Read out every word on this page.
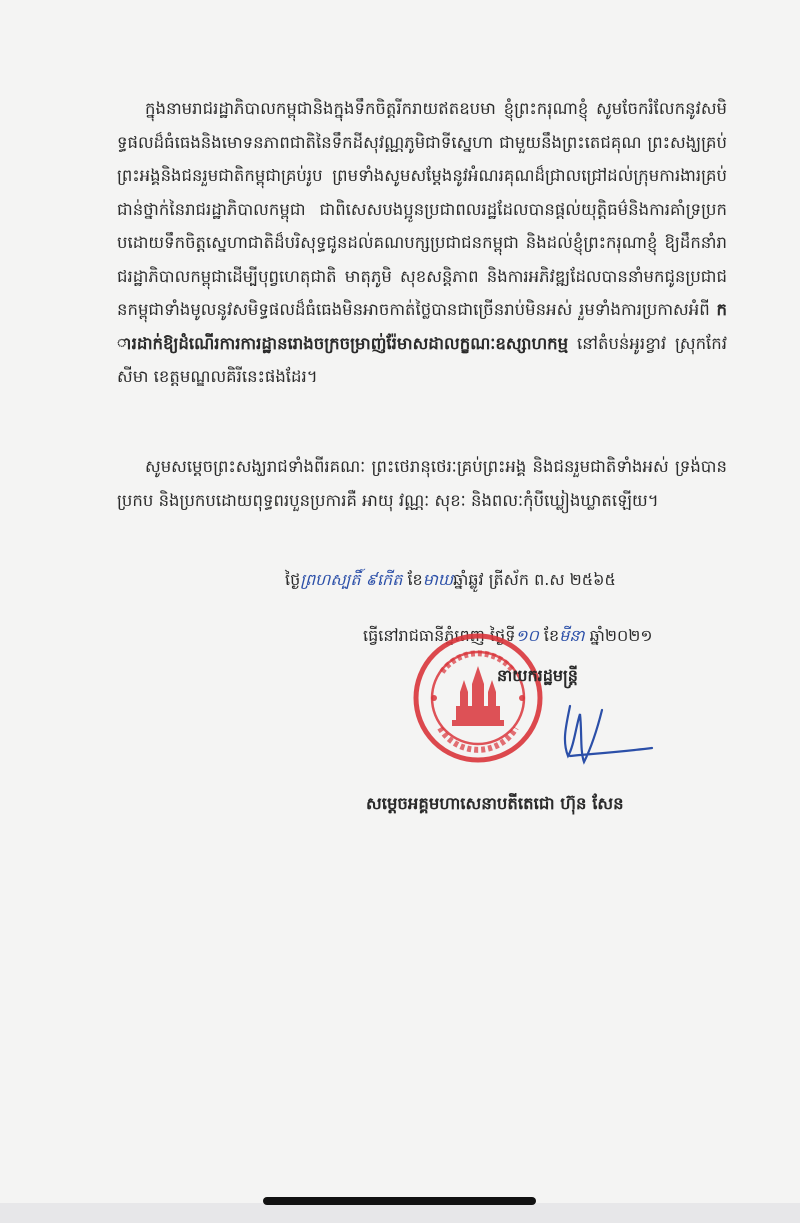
ក្នុងនាមរាជរដ្ឋាភិបាលកម្ពុជានិងក្នុងទឹកចិត្តរីករាយឥតឧបមា ខ្ញុំព្រះករុណាខ្ញុំ សូមចែករំលែកនូវសមិទ្ធផលដ៏ធំធេងនិងមោទនភាពជាតិនៃទឹកដីសុវណ្ណភូមិជាទីស្នេហា ជាមួយនឹងព្រះតេជគុណ ព្រះសង្ឃគ្រប់ព្រះអង្គនិងជនរួមជាតិកម្ពុជាគ្រប់រូប ព្រមទាំងសូមសម្តែងនូវអំណរគុណដ៏ជ្រាលជ្រៅដល់ក្រុមការងារគ្រប់ជាន់ថ្នាក់នៃរាជរដ្ឋាភិបាលកម្ពុជា ជាពិសេសបងប្អូនប្រជាពលរដ្ឋដែលបានផ្តល់យុត្តិធម៌និងការគាំទ្រប្រកបដោយទឹកចិត្តស្នេហាជាតិដ៏បរិសុទ្ធជូនដល់គណបក្សប្រជាជនកម្ពុជា និងដល់ខ្ញុំព្រះករុណាខ្ញុំ ឱ្យដឹកនាំរាជរដ្ឋាភិបាលកម្ពុជាដើម្បីបុព្វហេតុជាតិ មាតុភូមិ សុខសន្តិភាព និងការអភិវឌ្ឍដែលបាននាំមកជូនប្រជាជនកម្ពុជាទាំងមូលនូវសមិទ្ធផលដ៏ធំធេងមិនអាចកាត់ថ្លៃបានជាច្រើនរាប់មិនអស់ រួមទាំងការប្រកាសអំពី ការដាក់ឱ្យដំណើរការការដ្ឋានរោងចក្រចម្រាញ់រ៉ែមាសដាលក្ខណៈឧស្សាហកម្ម នៅតំបន់អូរខ្វាវ ស្រុកកែវសីមា ខេត្តមណ្ឌលគិរីនេះផងដែរ។
សូមសម្តេចព្រះសង្ឃរាជទាំងពីរគណៈ ព្រះថេរានុថេរៈគ្រប់ព្រះអង្គ និងជនរួមជាតិទាំងអស់ ទ្រង់បានប្រកប និងប្រកបដោយពុទ្ធពរបួនប្រការគឺ អាយុ វណ្ណៈ សុខៈ និងពលៈកុំបីឃ្លៀងឃ្លាតឡើយ។
ថ្ងៃព្រហស្បតិ៍ ៩កើត ខែមាឃឆ្នាំឆ្លូវ ត្រីស័ក ព.ស ២៥៦៥
ធ្វើនៅរាជធានីភ្នំពេញ ថ្ងៃទី១០ ខែមីនា ឆ្នាំ២០២១
នាយករដ្ឋមន្ត្រី
សម្តេចអគ្គមហាសេនាបតីតេជោ ហ៊ុន សែន
